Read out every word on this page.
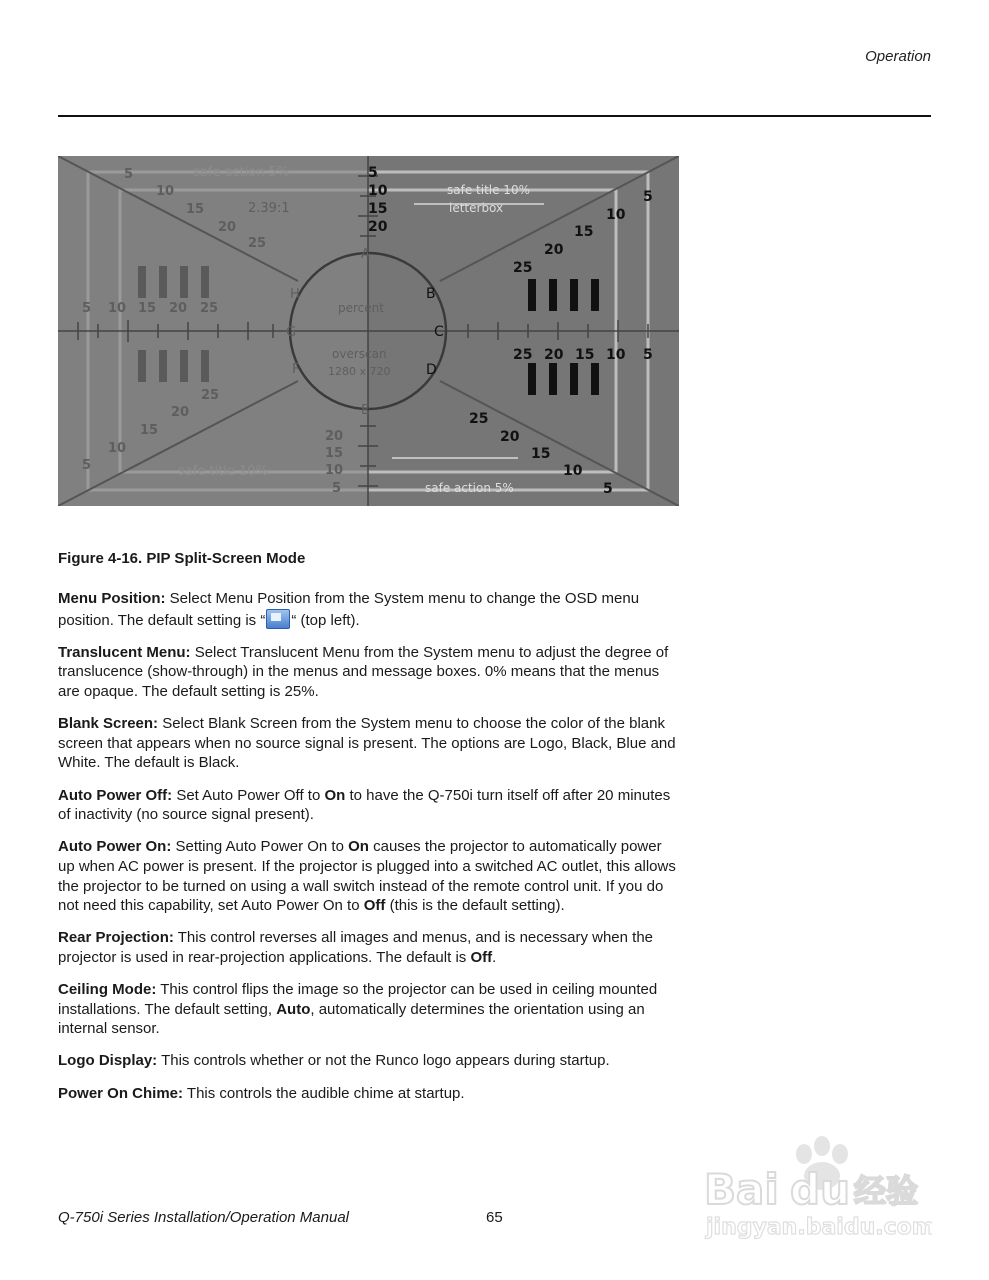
Operation
safe action 5%
2.39:1
safe title 10%
5
10
15
20
25
5 10 15 20 25
25
20
15
10
5
20
15
10
5
H
G
F
A
E
percent
overscan
1280 x 720
safe title 10%
letterbox
safe action 5%
5
10
15
20
5
10
15
20
25
25 20 15 10 5
25
20
15
10
5
B
C
D
Figure 4-16. PIP Split-Screen Mode

Menu Position: Select Menu Position from the System menu to change the OSD menu position. The default setting is “ “ (top left).

Translucent Menu: Select Translucent Menu from the System menu to adjust the degree of translucence (show-through) in the menus and message boxes. 0% means that the menus are opaque. The default setting is 25%.

Blank Screen: Select Blank Screen from the System menu to choose the color of the blank screen that appears when no source signal is present. The options are Logo, Black, Blue and White. The default is Black.

Auto Power Off: Set Auto Power Off to On to have the Q-750i turn itself off after 20 minutes of inactivity (no source signal present).

Auto Power On: Setting Auto Power On to On causes the projector to automatically power up when AC power is present. If the projector is plugged into a switched AC outlet, this allows the projector to be turned on using a wall switch instead of the remote control unit. If you do not need this capability, set Auto Power On to Off (this is the default setting).

Rear Projection: This control reverses all images and menus, and is necessary when the projector is used in rear-projection applications. The default is Off.

Ceiling Mode: This control flips the image so the projector can be used in ceiling mounted installations. The default setting, Auto, automatically determines the orientation using an internal sensor.

Logo Display: This controls whether or not the Runco logo appears during startup.

Power On Chime: This controls the audible chime at startup.

Q-750i Series Installation/Operation Manual	65
Bai du 经验
jingyan.baidu.com
